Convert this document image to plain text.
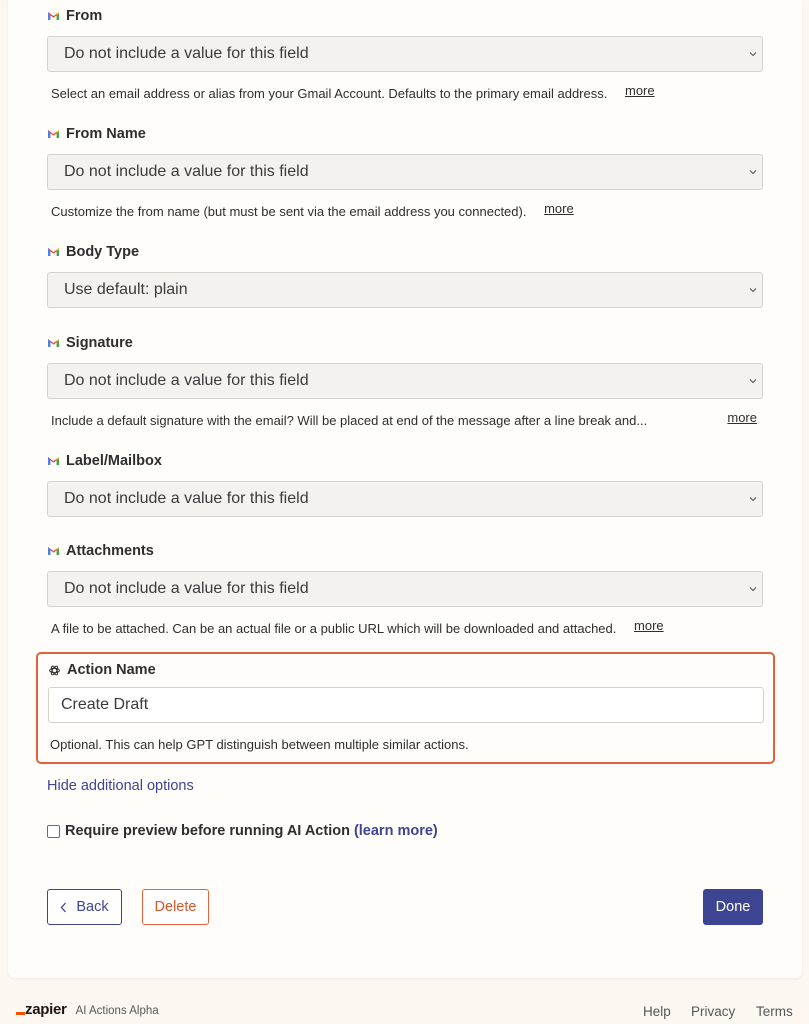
From
Do not include a value for this field
Select an email address or alias from your Gmail Account. Defaults to the primary email address. more
From Name
Do not include a value for this field
Customize the from name (but must be sent via the email address you connected). more
Body Type
Use default: plain
Signature
Do not include a value for this field
Include a default signature with the email? Will be placed at end of the message after a line break and...	more
Label/Mailbox
Do not include a value for this field
Attachments
Do not include a value for this field
A file to be attached. Can be an actual file or a public URL which will be downloaded and attached. more
Action Name
Create Draft
Optional. This can help GPT distinguish between multiple similar actions.
Hide additional options
Require preview before running AI Action (learn more)
Back	Delete	Done
zapier AI Actions Alpha	Help Privacy Terms
